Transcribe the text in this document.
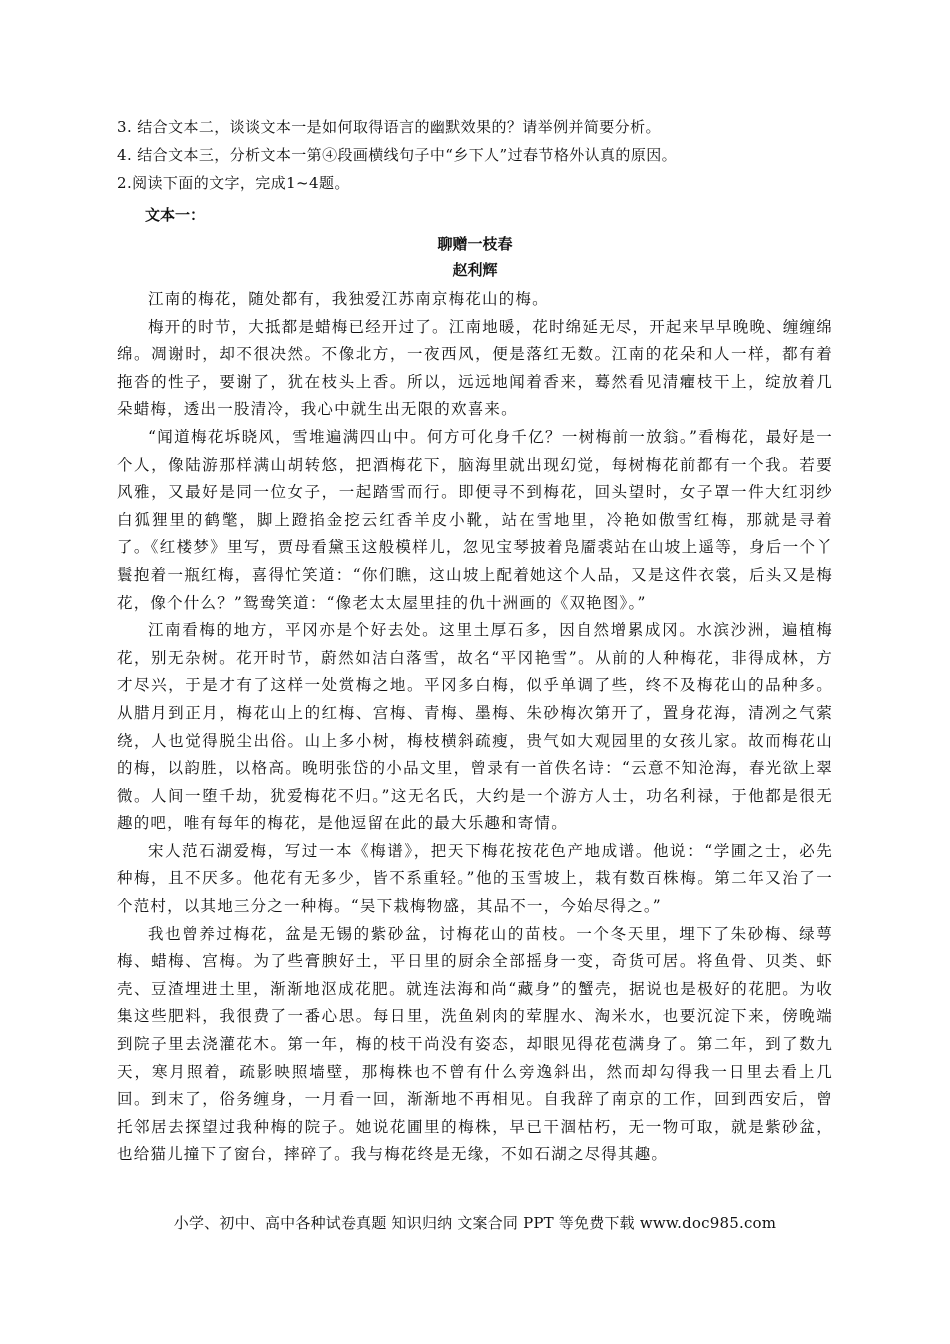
3. 结合文本二，谈谈文本一是如何取得语言的幽默效果的？请举例并简要分析。
4. 结合文本三，分析文本一第④段画横线句子中“乡下人”过春节格外认真的原因。
2.阅读下面的文字，完成1~4题。
文本一：
聊赠一枝春
赵利辉

江南的梅花，随处都有，我独爱江苏南京梅花山的梅。

梅开的时节，大抵都是蜡梅已经开过了。江南地暖，花时绵延无尽，开起来早早晚晚、缠缠绵绵。凋谢时，却不很决然。不像北方，一夜西风，便是落红无数。江南的花朵和人一样，都有着拖沓的性子，要谢了，犹在枝头上香。所以，远远地闻着香来，蓦然看见清癯枝干上，绽放着几朵蜡梅，透出一股清冷，我心中就生出无限的欢喜来。

“闻道梅花坼晓风，雪堆遍满四山中。何方可化身千亿？一树梅前一放翁。”看梅花，最好是一个人，像陆游那样满山胡转悠，把酒梅花下，脑海里就出现幻觉，每树梅花前都有一个我。若要风雅，又最好是同一位女子，一起踏雪而行。即便寻不到梅花，回头望时，女子罩一件大红羽纱白狐狸里的鹤氅，脚上蹬掐金挖云红香羊皮小靴，站在雪地里，冷艳如傲雪红梅，那就是寻着了。《红楼梦》里写，贾母看黛玉这般模样儿，忽见宝琴披着凫靥裘站在山坡上遥等，身后一个丫鬟抱着一瓶红梅，喜得忙笑道：“你们瞧，这山坡上配着她这个人品，又是这件衣裳，后头又是梅花，像个什么？”鸳鸯笑道：“像老太太屋里挂的仇十洲画的《双艳图》。”

江南看梅的地方，平冈亦是个好去处。这里土厚石多，因自然增累成冈。水滨沙洲，遍植梅花，别无杂树。花开时节，蔚然如洁白落雪，故名“平冈艳雪”。从前的人种梅花，非得成林，方才尽兴，于是才有了这样一处赏梅之地。平冈多白梅，似乎单调了些，终不及梅花山的品种多。从腊月到正月，梅花山上的红梅、宫梅、青梅、墨梅、朱砂梅次第开了，置身花海，清冽之气萦绕，人也觉得脱尘出俗。山上多小树，梅枝横斜疏瘦，贵气如大观园里的女孩儿家。故而梅花山的梅，以韵胜，以格高。晚明张岱的小品文里，曾录有一首佚名诗：“云意不知沧海，春光欲上翠微。人间一堕千劫，犹爱梅花不归。”这无名氏，大约是一个游方人士，功名利禄，于他都是很无趣的吧，唯有每年的梅花，是他逗留在此的最大乐趣和寄情。

宋人范石湖爱梅，写过一本《梅谱》，把天下梅花按花色产地成谱。他说：“学圃之士，必先种梅，且不厌多。他花有无多少，皆不系重轻。”他的玉雪坡上，栽有数百株梅。第二年又治了一个范村，以其地三分之一种梅。“吴下栽梅物盛，其品不一，今始尽得之。”

我也曾养过梅花，盆是无锡的紫砂盆，讨梅花山的苗枝。一个冬天里，埋下了朱砂梅、绿萼梅、蜡梅、宫梅。为了些膏腴好土，平日里的厨余全部摇身一变，奇货可居。将鱼骨、贝类、虾壳、豆渣埋进土里，渐渐地沤成花肥。就连法海和尚“藏身”的蟹壳，据说也是极好的花肥。为收集这些肥料，我很费了一番心思。每日里，洗鱼剁肉的荤腥水、淘米水，也要沉淀下来，傍晚端到院子里去浇灌花木。第一年，梅的枝干尚没有姿态，却眼见得花苞满身了。第二年，到了数九天，寒月照着，疏影映照墙壁，那梅株也不曾有什么旁逸斜出，然而却勾得我一日里去看上几回。到末了，俗务缠身，一月看一回，渐渐地不再相见。自我辞了南京的工作，回到西安后，曾托邻居去探望过我种梅的院子。她说花圃里的梅株，早已干涸枯朽，无一物可取，就是紫砂盆，也给猫儿撞下了窗台，摔碎了。我与梅花终是无缘，不如石湖之尽得其趣。

小学、初中、高中各种试卷真题 知识归纳 文案合同 PPT 等免费下载 www.doc985.com
